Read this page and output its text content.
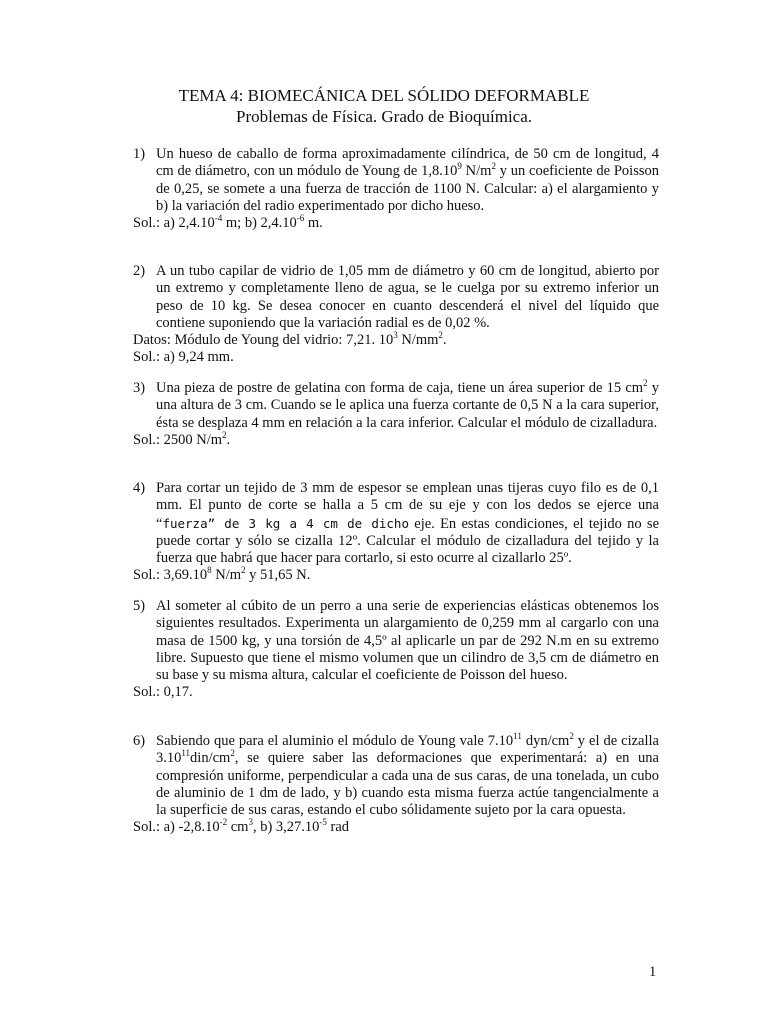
TEMA 4: BIOMECÁNICA DEL SÓLIDO DEFORMABLE
Problemas de Física. Grado de Bioquímica.
1) Un hueso de caballo de forma aproximadamente cilíndrica, de 50 cm de longitud, 4 cm de diámetro, con un módulo de Young de 1,8.10$^9$ $N/m^2$ y un coeficiente de Poisson de 0,25, se somete a una fuerza de tracción de 1100 N. Calcular: a) el alargamiento y b) la variación del radio experimentado por dicho hueso.
Sol.: a) $2,4.10^{-4}$ m; b) $2,4.10^{-6}$ m.
2) A un tubo capilar de vidrio de 1,05 mm de diámetro y 60 cm de longitud, abierto por un extremo y completamente lleno de agua, se le cuelga por su extremo inferior un peso de 10 kg. Se desea conocer en cuanto descenderá el nivel del líquido que contiene suponiendo que la variación radial es de 0,02 %.
Datos: Módulo de Young del vidrio: 7,21. $10^3$ $N/mm^2$.
Sol.: a) 9,24 mm.
3) Una pieza de postre de gelatina con forma de caja, tiene un área superior de 15 $cm^2$ y una altura de 3 cm. Cuando se le aplica una fuerza cortante de 0,5 N a la cara superior, ésta se desplaza 4 mm en relación a la cara inferior. Calcular el módulo de cizalladura.
Sol.: 2500 $N/m^2$.
4) Para cortar un tejido de 3 mm de espesor se emplean unas tijeras cuyo filo es de 0,1 mm. El punto de corte se halla a 5 cm de su eje y con los dedos se ejerce una “fuerza” de 3 kg a 4 cm de dicho eje. En estas condiciones, el tejido no se puede cortar y sólo se cizalla 12º. Calcular el módulo de cizalladura del tejido y la fuerza que habrá que hacer para cortarlo, si esto ocurre al cizallarlo 25º.
Sol.: 3,69.10$^8$ $N/m^2$ y 51,65 N.
5) Al someter al cúbito de un perro a una serie de experiencias elásticas obtenemos los siguientes resultados. Experimenta un alargamiento de 0,259 mm al cargarlo con una masa de 1500 kg, y una torsión de 4,5º al aplicarle un par de 292 N.m en su extremo libre. Supuesto que tiene el mismo volumen que un cilindro de 3,5 cm de diámetro en su base y su misma altura, calcular el coeficiente de Poisson del hueso.
Sol.: 0,17.
6) Sabiendo que para el aluminio el módulo de Young vale 7.10$^{11}$ dyn/$cm^2$ y el de cizalla $3.10^{11}din/cm^2$, se quiere saber las deformaciones que experimentará: a) en una compresión uniforme, perpendicular a cada una de sus caras, de una tonelada, un cubo de aluminio de 1 dm de lado, y b) cuando esta misma fuerza actúe tangencialmente a la superficie de sus caras, estando el cubo sólidamente sujeto por la cara opuesta.
Sol.: a) $-2,8.10^{-2}$ $cm^3$, b) $3,27.10^{-5}$ rad
1
